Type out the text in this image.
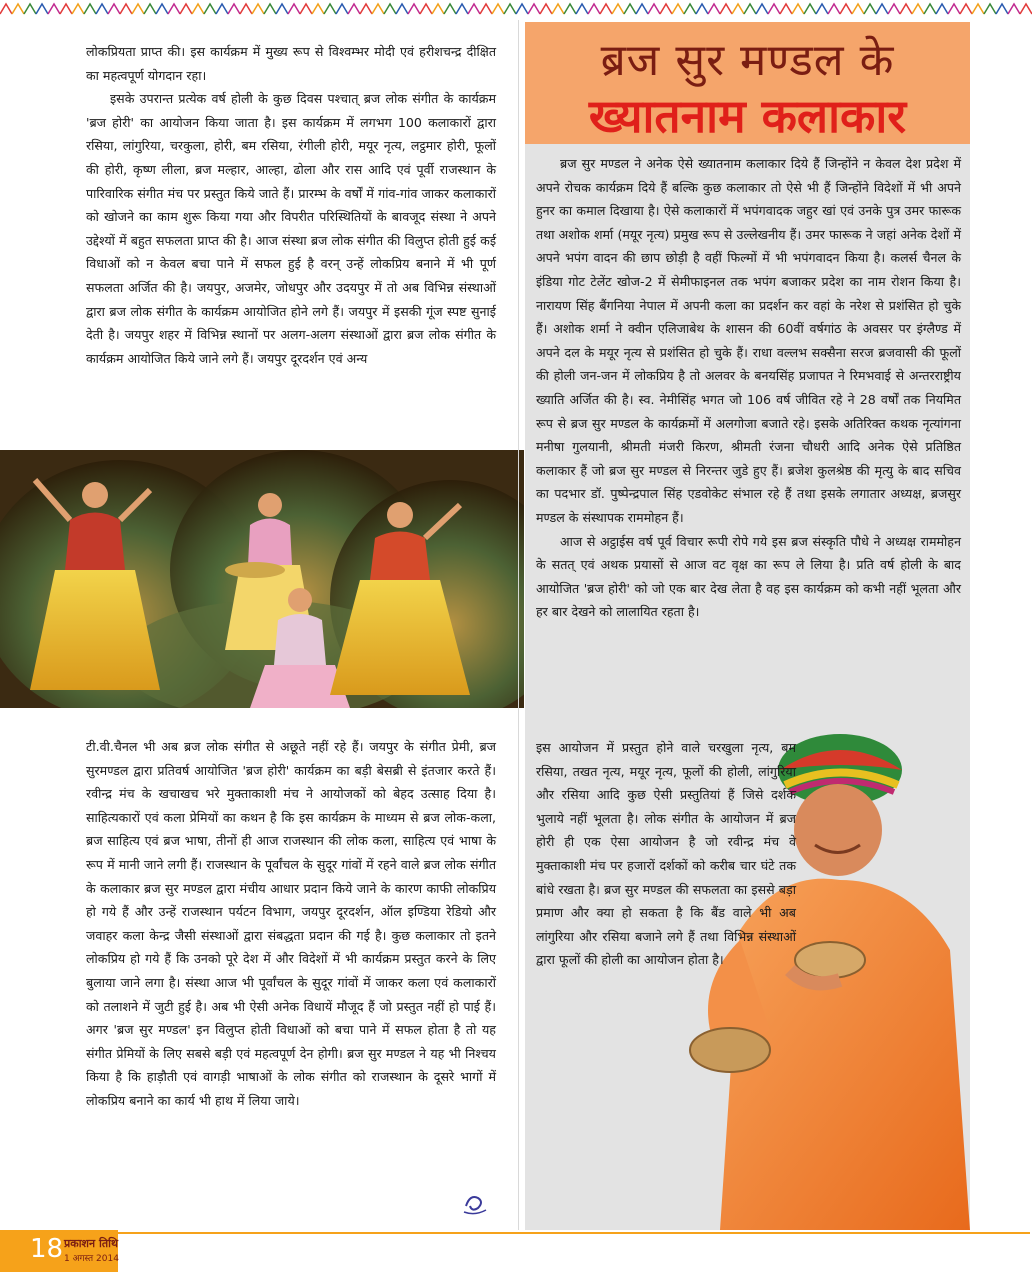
लोकप्रियता प्राप्त की। इस कार्यक्रम में मुख्य रूप से विश्वम्भर मोदी एवं हरीशचन्द्र दीक्षित का महत्वपूर्ण योगदान रहा।

इसके उपरान्त प्रत्येक वर्ष होली के कुछ दिवस पश्चात् ब्रज लोक संगीत के कार्यक्रम 'ब्रज होरी' का आयोजन किया जाता है। इस कार्यक्रम में लगभग 100 कलाकारों द्वारा रसिया, लांगुरिया, चरकुला, होरी, बम रसिया, रंगीली होरी, मयूर नृत्य, लट्ठमार होरी, फूलों की होरी, कृष्ण लीला, ब्रज मल्हार, आल्हा, ढोला और रास आदि एवं पूर्वी राजस्थान के पारिवारिक संगीत मंच पर प्रस्तुत किये जाते हैं। प्रारम्भ के वर्षों में गांव-गांव जाकर कलाकारों को खोजने का काम शुरू किया गया और विपरीत परिस्थितियों के बावजूद संस्था ने अपने उद्देश्यों में बहुत सफलता प्राप्त की है। आज संस्था ब्रज लोक संगीत की विलुप्त होती हुई कई विधाओं को न केवल बचा पाने में सफल हुई है वरन् उन्हें लोकप्रिय बनाने में भी पूर्ण सफलता अर्जित की है। जयपुर, अजमेर, जोधपुर और उदयपुर में तो अब विभिन्न संस्थाओं द्वारा ब्रज लोक संगीत के कार्यक्रम आयोजित होने लगे हैं। जयपुर में इसकी गूंज स्पष्ट सुनाई देती है। जयपुर शहर में विभिन्न स्थानों पर अलग-अलग संस्थाओं द्वारा ब्रज लोक संगीत के कार्यक्रम आयोजित किये जाने लगे हैं। जयपुर दूरदर्शन एवं अन्य

टी.वी.चैनल भी अब ब्रज लोक संगीत से अछूते नहीं रहे हैं। जयपुर के संगीत प्रेमी, ब्रज सुरमण्डल द्वारा प्रतिवर्ष आयोजित 'ब्रज होरी' कार्यक्रम का बड़ी बेसब्री से इंतजार करते हैं। रवीन्द्र मंच के खचाखच भरे मुक्ताकाशी मंच ने आयोजकों को बेहद उत्साह दिया है। साहित्यकारों एवं कला प्रेमियों का कथन है कि इस कार्यक्रम के माध्यम से ब्रज लोक-कला, ब्रज साहित्य एवं ब्रज भाषा, तीनों ही आज राजस्थान की लोक कला, साहित्य एवं भाषा के रूप में मानी जाने लगी हैं। राजस्थान के पूर्वांचल के सुदूर गांवों में रहने वाले ब्रज लोक संगीत के कलाकार ब्रज सुर मण्डल द्वारा मंचीय आधार प्रदान किये जाने के कारण काफी लोकप्रिय हो गये हैं और उन्हें राजस्थान पर्यटन विभाग, जयपुर दूरदर्शन, ऑल इण्डिया रेडियो और जवाहर कला केन्द्र जैसी संस्थाओं द्वारा संबद्धता प्रदान की गई है। कुछ कलाकार तो इतने लोकप्रिय हो गये हैं कि उनको पूरे देश में और विदेशों में भी कार्यक्रम प्रस्तुत करने के लिए बुलाया जाने लगा है। संस्था आज भी पूर्वांचल के सुदूर गांवों में जाकर कला एवं कलाकारों को तलाशने में जुटी हुई है। अब भी ऐसी अनेक विधायें मौजूद हैं जो प्रस्तुत नहीं हो पाई हैं। अगर 'ब्रज सुर मण्डल' इन विलुप्त होती विधाओं को बचा पाने में सफल होता है तो यह संगीत प्रेमियों के लिए सबसे बड़ी एवं महत्वपूर्ण देन होगी। ब्रज सुर मण्डल ने यह भी निश्चय किया है कि हाड़ौती एवं वागड़ी भाषाओं के लोक संगीत को राजस्थान के दूसरे भागों में लोकप्रिय बनाने का कार्य भी हाथ में लिया जाये।

ब्रज सुर मण्डल के
ख्यातनाम कलाकार

ब्रज सुर मण्डल ने अनेक ऐसे ख्यातनाम कलाकार दिये हैं जिन्होंने न केवल देश प्रदेश में अपने रोचक कार्यक्रम दिये हैं बल्कि कुछ कलाकार तो ऐसे भी हैं जिन्होंने विदेशों में भी अपने हुनर का कमाल दिखाया है। ऐसे कलाकारों में भपंगवादक जहुर खां एवं उनके पुत्र उमर फारूक तथा अशोक शर्मा (मयूर नृत्य) प्रमुख रूप से उल्लेखनीय हैं। उमर फारूक ने जहां अनेक देशों में अपने भपंग वादन की छाप छोड़ी है वहीं फिल्मों में भी भपंगवादन किया है। कलर्स चैनल के इंडिया गोट टेलेंट खोज-2 में सेमीफाइनल तक भपंग बजाकर प्रदेश का नाम रोशन किया है। नारायण सिंह बैंगनिया नेपाल में अपनी कला का प्रदर्शन कर वहां के नरेश से प्रशंसित हो चुके हैं। अशोक शर्मा ने क्वीन एलिजाबेथ के शासन की 60वीं वर्षगांठ के अवसर पर इंग्लैण्ड में अपने दल के मयूर नृत्य से प्रशंसित हो चुके हैं। राधा वल्लभ सक्सैना सरज ब्रजवासी की फूलों की होली जन-जन में लोकप्रिय है तो अलवर के बनयसिंह प्रजापत ने रिमभवाई से अन्तरराष्ट्रीय ख्याति अर्जित की है। स्व. नेमीसिंह भगत जो 106 वर्ष जीवित रहे ने 28 वर्षों तक नियमित रूप से ब्रज सुर मण्डल के कार्यक्रमों में अलगोजा बजाते रहे। इसके अतिरिक्त कथक नृत्यांगना मनीषा गुलयानी, श्रीमती मंजरी किरण, श्रीमती रंजना चौधरी आदि अनेक ऐसे प्रतिष्ठित कलाकार हैं जो ब्रज सुर मण्डल से निरन्तर जुडे हुए हैं। ब्रजेश कुलश्रेष्ठ की मृत्यु के बाद सचिव का पदभार डॉ. पुष्पेन्द्रपाल सिंह एडवोकेट संभाल रहे हैं तथा इसके लगातार अध्यक्ष, ब्रजसुर मण्डल के संस्थापक राममोहन हैं।

आज से अट्ठाईस वर्ष पूर्व विचार रूपी रोपे गये इस ब्रज संस्कृति पौधे ने अध्यक्ष राममोहन के सतत् एवं अथक प्रयासों से आज वट वृक्ष का रूप ले लिया है। प्रति वर्ष होली के बाद आयोजित 'ब्रज होरी' को जो एक बार देख लेता है वह इस कार्यक्रम को कभी नहीं भूलता और हर बार देखने को लालायित रहता है।

इस आयोजन में प्रस्तुत होने वाले चरखुला नृत्य, बम रसिया, तखत नृत्य, मयूर नृत्य, फूलों की होली, लांगुरिया और रसिया आदि कुछ ऐसी प्रस्तुतियां हैं जिसे दर्शक भुलाये नहीं भूलता है। लोक संगीत के आयोजन में ब्रज होरी ही एक ऐसा आयोजन है जो रवीन्द्र मंच वे मुक्ताकाशी मंच पर हजारों दर्शकों को करीब चार घंटे तक बांधे रखता है। ब्रज सुर मण्डल की सफलता का इससे बड़ा प्रमाण और क्या हो सकता है कि बैंड वाले भी अब लांगुरिया और रसिया बजाने लगे हैं तथा विभिन्न संस्थाओं द्वारा फूलों की होली का आयोजन होता है।

18 प्रकाशन तिथि
1 अगस्त 2014
